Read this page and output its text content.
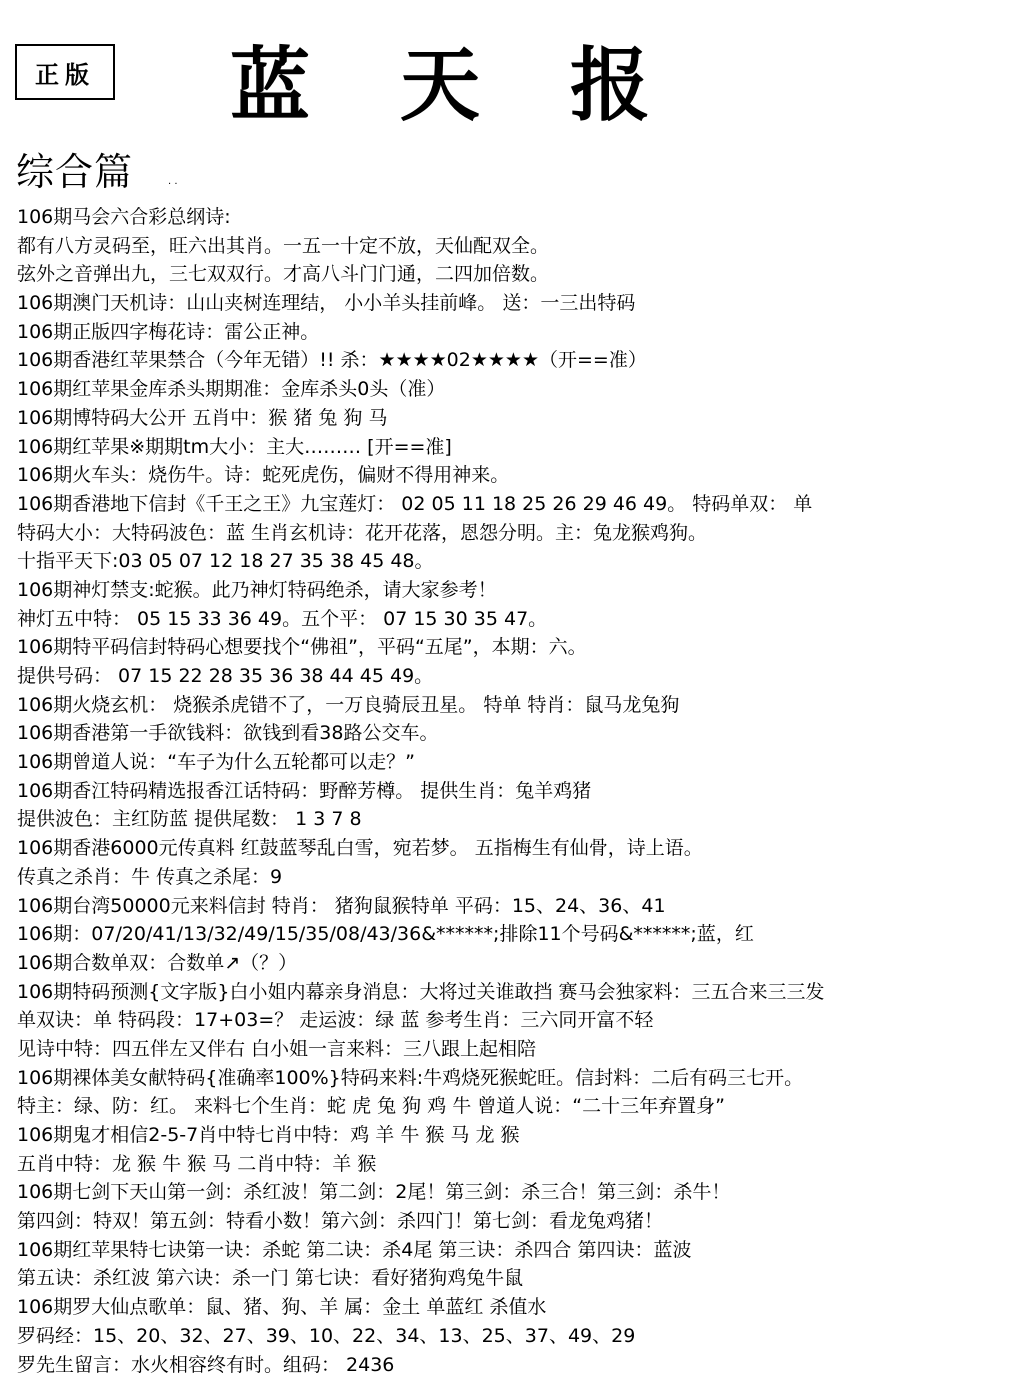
正版 蓝 天 报
综合篇	. .
106期马会六合彩总纲诗:
都有八方灵码至，旺六出其肖。一五一十定不放，天仙配双全。
弦外之音弹出九，三七双双行。才高八斗门门通，二四加倍数。
106期澳门天机诗：山山夹树连理结， 小小羊头挂前峰。 送：一三出特码
106期正版四字梅花诗：雷公正神。
106期香港红苹果禁合（今年无错）!! 杀：★★★★02★★★★（开==准）
106期红苹果金库杀头期期准：金库杀头0头（准）
106期博特码大公开 五肖中：猴 猪 兔 狗 马
106期红苹果※期期tm大小：主大……… [开==准]
106期火车头：烧伤牛。诗：蛇死虎伤，偏财不得用神来。
106期香港地下信封《千王之王》九宝莲灯： 02 05 11 18 25 26 29 46 49。 特码单双： 单
特码大小：大特码波色：蓝 生肖玄机诗：花开花落，恩怨分明。主：兔龙猴鸡狗。
十指平天下:03 05 07 12 18 27 35 38 45 48。
106期神灯禁支:蛇猴。此乃神灯特码绝杀，请大家参考！
神灯五中特： 05 15 33 36 49。五个平： 07 15 30 35 47。
106期特平码信封特码心想要找个“佛祖”，平码“五尾”，本期：六。
提供号码： 07 15 22 28 35 36 38 44 45 49。
106期火烧玄机： 烧猴杀虎错不了，一万良骑辰丑星。 特单 特肖：鼠马龙兔狗
106期香港第一手欲钱料：欲钱到看38路公交车。
106期曾道人说：“车子为什么五轮都可以走？”
106期香江特码精选报香江话特码：野醉芳樽。 提供生肖：兔羊鸡猪
提供波色：主红防蓝 提供尾数： 1 3 7 8
106期香港6000元传真料 红鼓蓝琴乱白雪，宛若梦。 五指梅生有仙骨，诗上语。
传真之杀肖：牛 传真之杀尾：9
106期台湾50000元来料信封 特肖： 猪狗鼠猴特单 平码：15、24、36、41
106期：07/20/41/13/32/49/15/35/08/43/36&******;排除11个号码&******;蓝，红
106期合数单双：合数单↗（？）
106期特码预测{文字版}白小姐内幕亲身消息：大将过关谁敢挡 赛马会独家料：三五合来三三发
单双诀：单 特码段：17+03=？ 走运波：绿 蓝 参考生肖：三六同开富不轻
见诗中特：四五伴左又伴右 白小姐一言来料：三八跟上起相陪
106期裸体美女献特码{准确率100%}特码来料:牛鸡烧死猴蛇旺。信封料：二后有码三七开。
特主：绿、防：红。 来料七个生肖：蛇 虎 兔 狗 鸡 牛 曾道人说：“二十三年弃置身”
106期鬼才相信2-5-7肖中特七肖中特：鸡 羊 牛 猴 马 龙 猴
五肖中特：龙 猴 牛 猴 马 二肖中特：羊 猴
106期七剑下天山第一剑：杀红波！第二剑：2尾！第三剑：杀三合！第三剑：杀牛！
第四剑：特双！第五剑：特看小数！第六剑：杀四门！第七剑：看龙兔鸡猪！
106期红苹果特七诀第一诀：杀蛇 第二诀：杀4尾 第三诀：杀四合 第四诀：蓝波
第五诀：杀红波 第六诀：杀一门 第七诀：看好猪狗鸡兔牛鼠
106期罗大仙点歌单：鼠、猪、狗、羊 属：金土 单蓝红 杀值水
罗码经：15、20、32、27、39、10、22、34、13、25、37、49、29
罗先生留言：水火相容终有时。组码： 2436
